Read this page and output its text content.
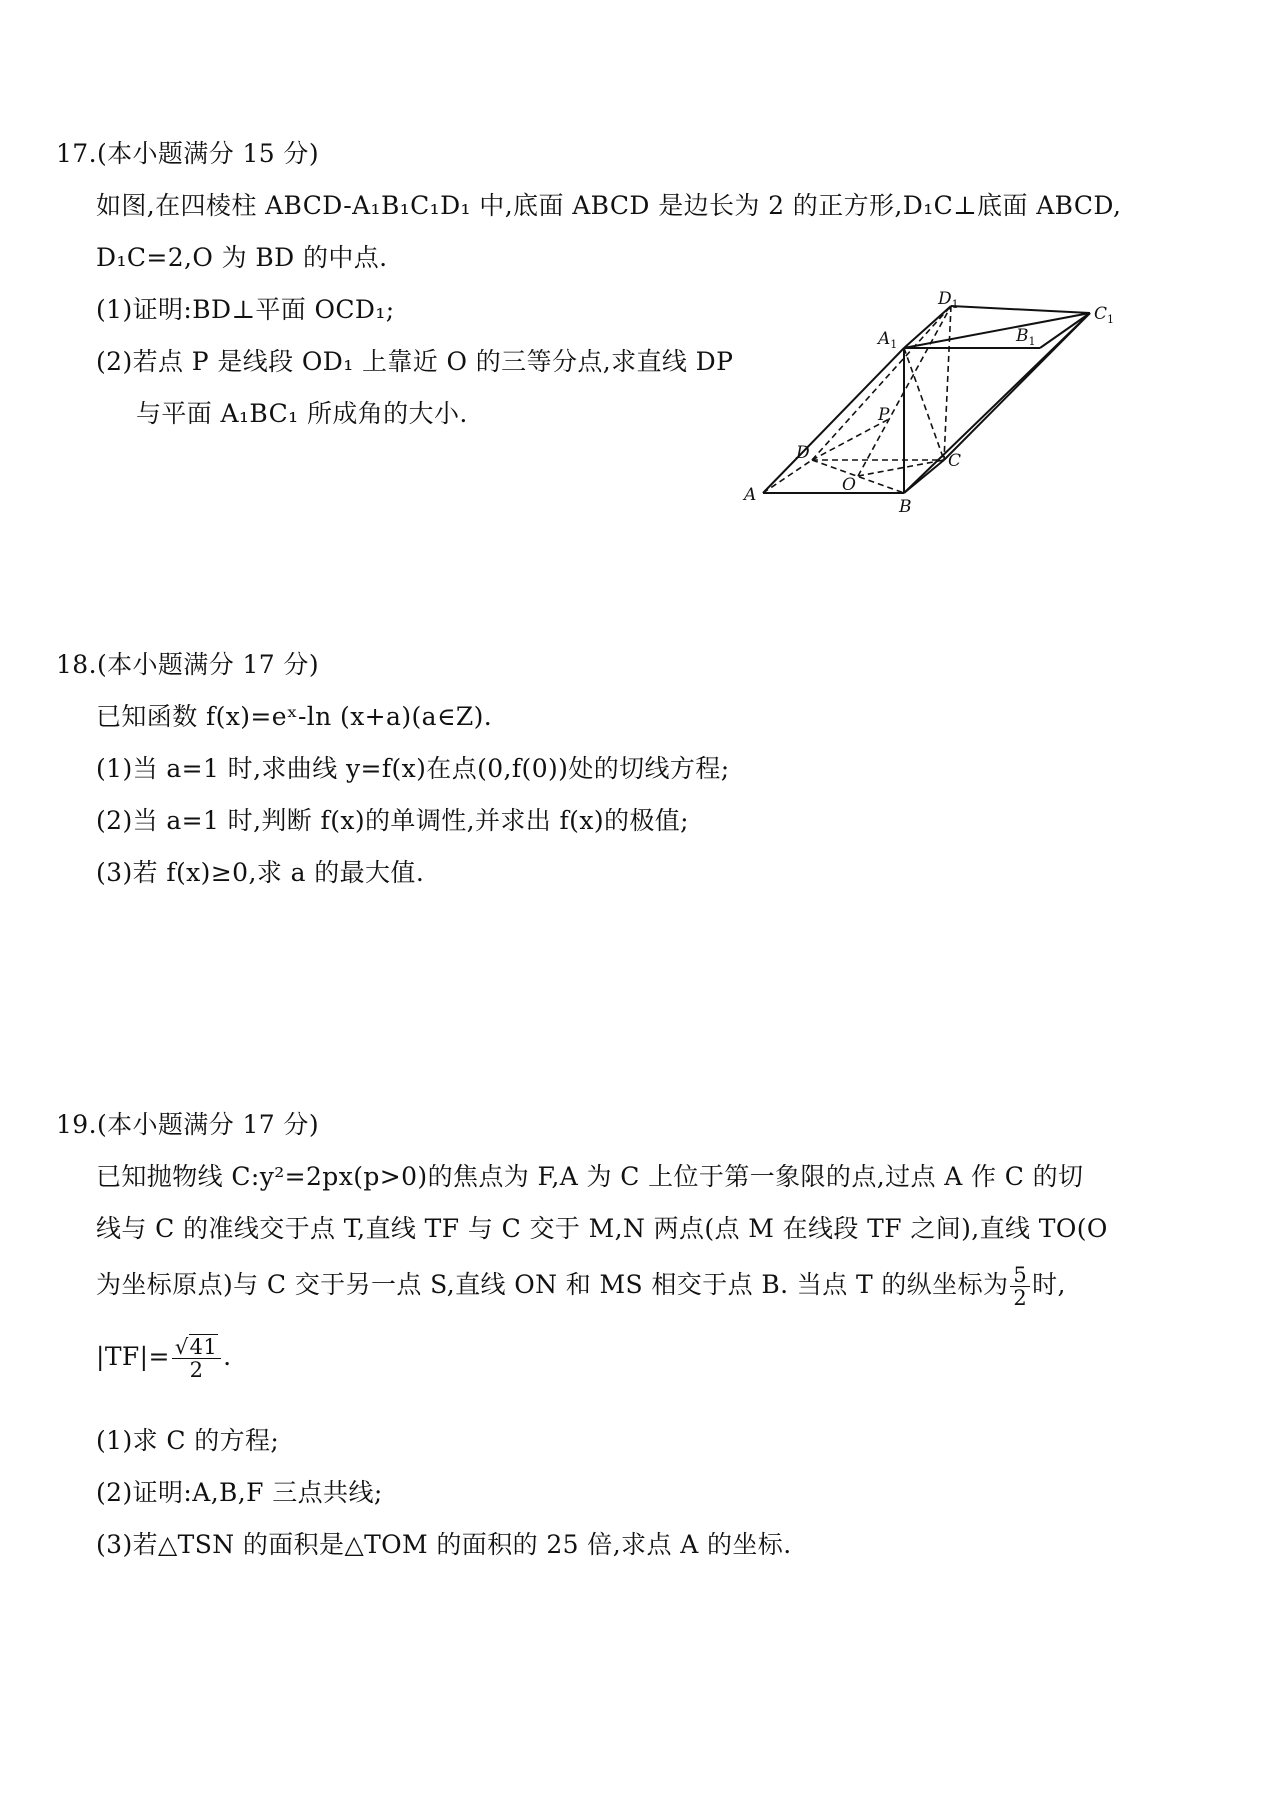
17.(本小题满分 15 分)
如图,在四棱柱 ABCD-A₁B₁C₁D₁ 中,底面 ABCD 是边长为 2 的正方形,D₁C⊥底面 ABCD,
D₁C=2,O 为 BD 的中点.
(1)证明:BD⊥平面 OCD₁;
(2)若点 P 是线段 OD₁ 上靠近 O 的三等分点,求直线 DP
与平面 A₁BC₁ 所成角的大小.
$D_1$	$C_1$
$A_1$	$B_1$
P
D	C
O
A
B
18.(本小题满分 17 分)
已知函数 f(x)=eˣ-ln (x+a)(a∈Z).
(1)当 a=1 时,求曲线 y=f(x)在点(0,f(0))处的切线方程;
(2)当 a=1 时,判断 f(x)的单调性,并求出 f(x)的极值;
(3)若 f(x)≥0,求 a 的最大值.
19.(本小题满分 17 分)
已知抛物线 C:y²=2px(p>0)的焦点为 F,A 为 C 上位于第一象限的点,过点 A 作 C 的切
线与 C 的准线交于点 T,直线 TF 与 C 交于 M,N 两点(点 M 在线段 TF 之间),直线 TO(O
为坐标原点)与 C 交于另一点 S,直线 ON 和 MS 相交于点 B. 当点 T 的纵坐标为 $\frac{5}{2}$ 时,
$|TF|= \frac{√41}{2}$ .
(1)求 C 的方程;
(2)证明:A,B,F 三点共线;
(3)若△TSN 的面积是△TOM 的面积的 25 倍,求点 A 的坐标.
